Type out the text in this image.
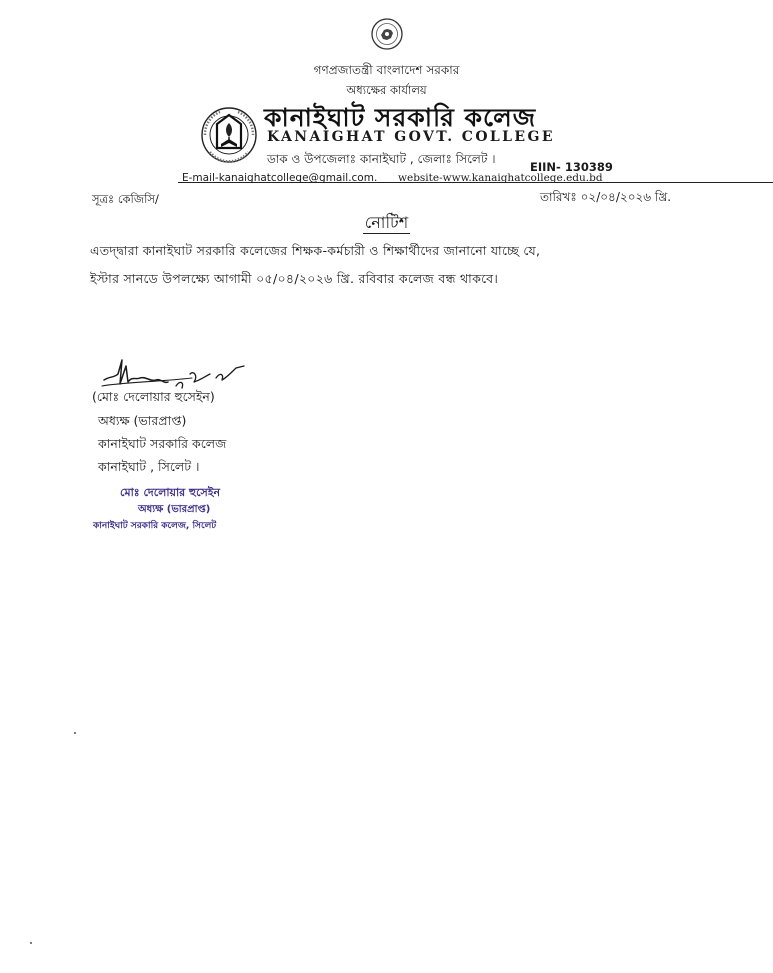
গণপ্রজাতন্ত্রী বাংলাদেশ সরকার
অধ্যক্ষের কার্যালয়
কানাইঘাট সরকারি কলেজ
KANAIGHAT GOVT. COLLEGE
ডাক ও উপজেলাঃ কানাইঘাট , জেলাঃ সিলেট ।
EIIN- 130389
E-mail-kanaighatcollege@gmail.com. website-www.kanaighatcollege.edu.bd
সূত্রঃ কেজিসি/	তারিখঃ ০২/০৪/২০২৬ খ্রি.
নোটিশ
এতদ্দ্বারা কানাইঘাট সরকারি কলেজের শিক্ষক-কর্মচারী ও শিক্ষার্থীদের জানানো যাচ্ছে যে,
ইস্টার সানডে উপলক্ষ্যে আগামী ০৫/০৪/২০২৬ খ্রি. রবিবার কলেজ বন্ধ থাকবে।
(মোঃ দেলোয়ার হুসেইন)
অধ্যক্ষ (ভারপ্রাপ্ত)
কানাইঘাট সরকারি কলেজ
কানাইঘাট , সিলেট ।
মোঃ দেলোয়ার হুসেইন
অধ্যক্ষ (ভারপ্রাপ্ত)
কানাইঘাট সরকারি কলেজ, সিলেট
